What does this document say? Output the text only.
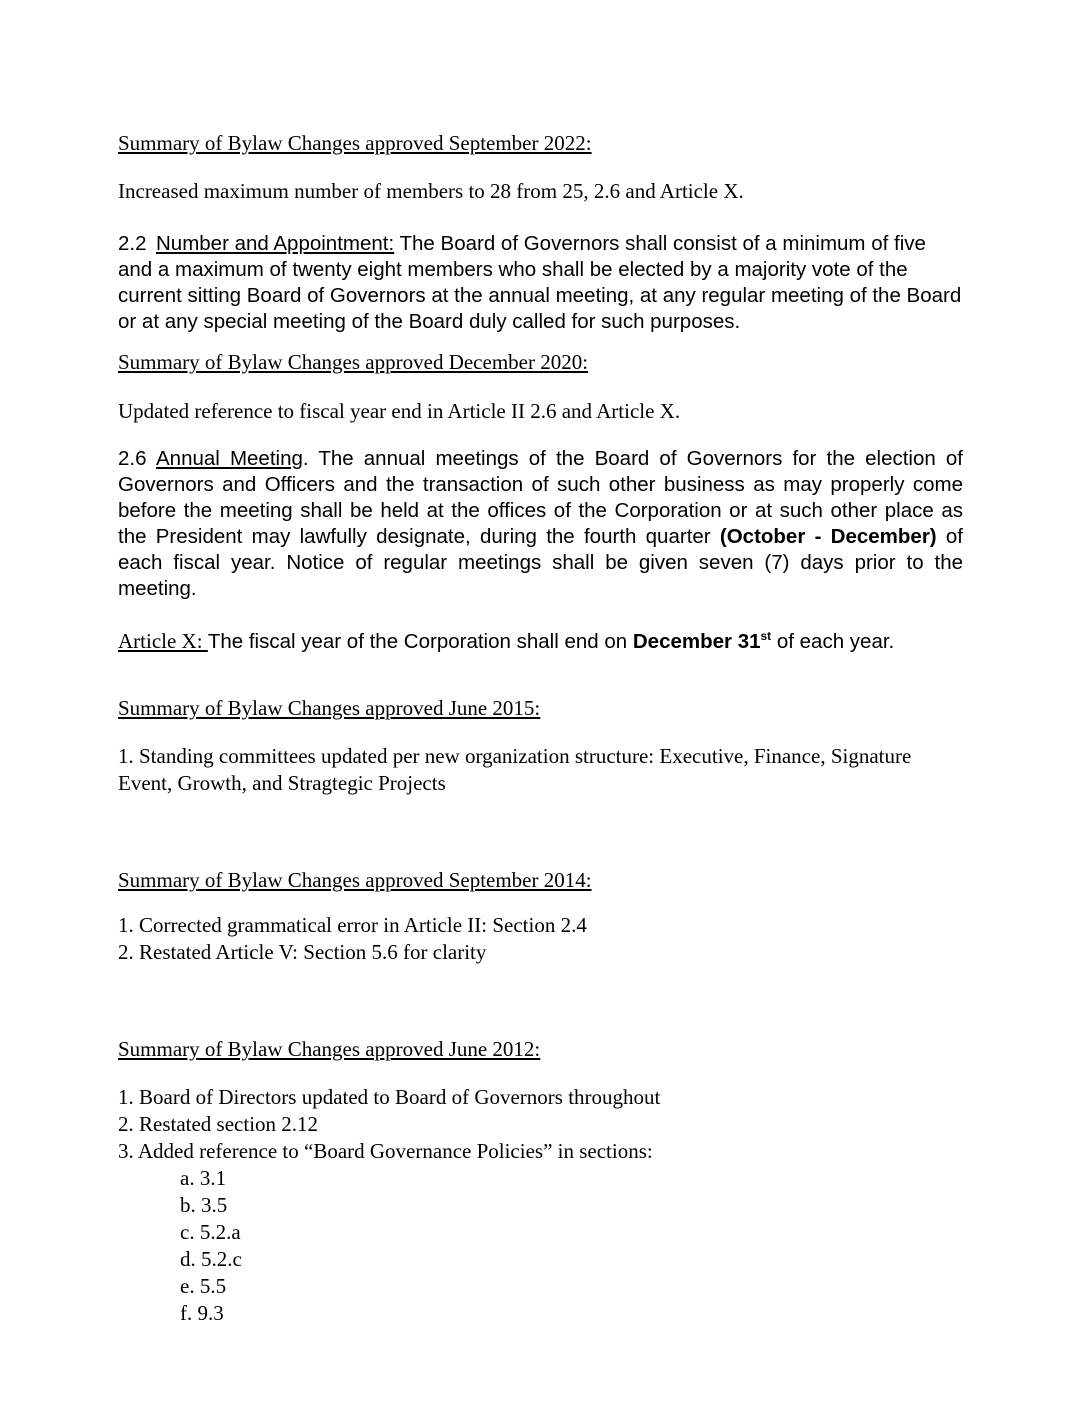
Summary of Bylaw Changes approved September 2022:

Increased maximum number of members to 28 from 25, 2.6 and Article X.

2.2 Number and Appointment: The Board of Governors shall consist of a minimum of five and a maximum of twenty eight members who shall be elected by a majority vote of the current sitting Board of Governors at the annual meeting, at any regular meeting of the Board or at any special meeting of the Board duly called for such purposes.

Summary of Bylaw Changes approved December 2020:

Updated reference to fiscal year end in Article II 2.6 and Article X.

2.6 Annual Meeting. The annual meetings of the Board of Governors for the election of Governors and Officers and the transaction of such other business as may properly come before the meeting shall be held at the offices of the Corporation or at such other place as the President may lawfully designate, during the fourth quarter (October - December) of each fiscal year. Notice of regular meetings shall be given seven (7) days prior to the meeting.

Article X: The fiscal year of the Corporation shall end on December 31st of each year.

Summary of Bylaw Changes approved June 2015:

1. Standing committees updated per new organization structure: Executive, Finance, Signature Event, Growth, and Stragtegic Projects

Summary of Bylaw Changes approved September 2014:
1. Corrected grammatical error in Article II: Section 2.4
2. Restated Article V: Section 5.6 for clarity
Summary of Bylaw Changes approved June 2012:
1. Board of Directors updated to Board of Governors throughout
2. Restated section 2.12
3. Added reference to “Board Governance Policies” in sections:
a. 3.1
b. 3.5
c. 5.2.a
d. 5.2.c
e. 5.5
f. 9.3
